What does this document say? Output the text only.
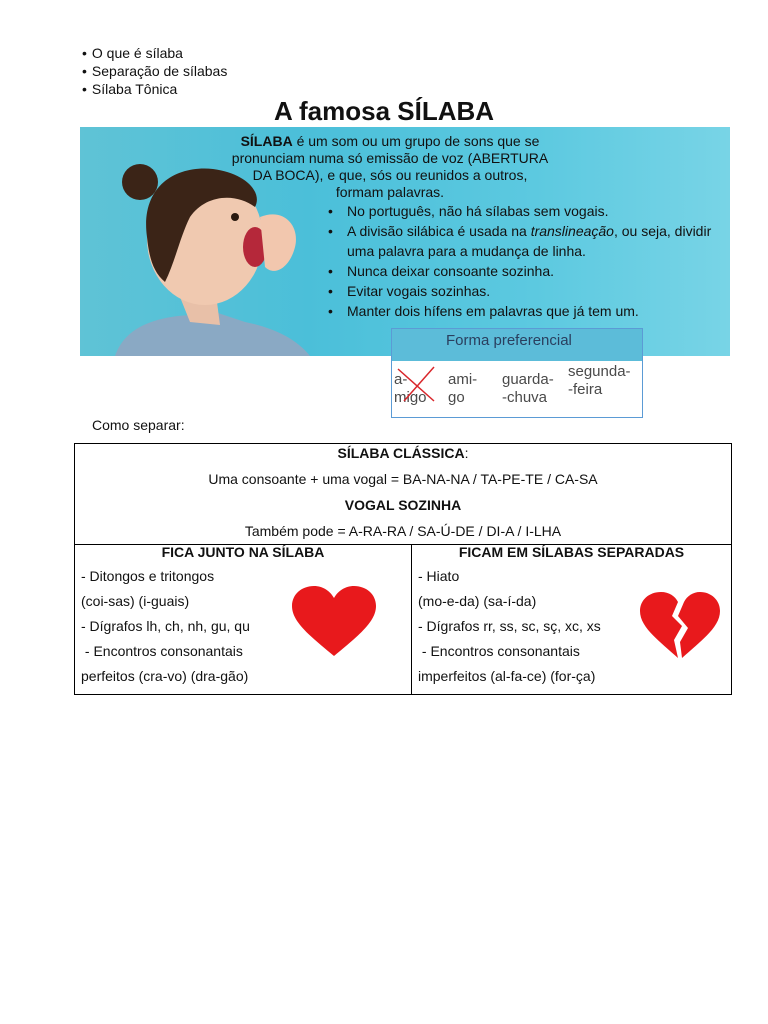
• O que é sílaba
• Separação de sílabas
• Sílaba Tônica
A famosa SÍLABA
SÍLABA é um som ou um grupo de sons que se pronunciam numa só emissão de voz (ABERTURA DA BOCA), e que, sós ou reunidos a outros, formam palavras.
• No português, não há sílabas sem vogais.
• A divisão silábica é usada na translineação, ou seja, dividir uma palavra para a mudança de linha.
• Nunca deixar consoante sozinha.
• Evitar vogais sozinhas.
• Manter dois hífens em palavras que já tem um.
Forma preferencial
a-
migo
ami-
go
guarda-
-chuva
segunda-
-feira
Como separar:
SÍLABA CLÁSSICA:
Uma consoante + uma vogal = BA-NA-NA / TA-PE-TE / CA-SA
VOGAL SOZINHA
Também pode = A-RA-RA / SA-Ú-DE / DI-A / I-LHA
FICA JUNTO NA SÍLABA
- Ditongos e tritongos
(coi-sas) (i-guais)
- Dígrafos lh, ch, nh, gu, qu
- Encontros consonantais
perfeitos (cra-vo) (dra-gão)
FICAM EM SÍLABAS SEPARADAS
- Hiato
(mo-e-da) (sa-í-da)
- Dígrafos rr, ss, sc, sç, xc, xs
- Encontros consonantais
imperfeitos (al-fa-ce) (for-ça)
